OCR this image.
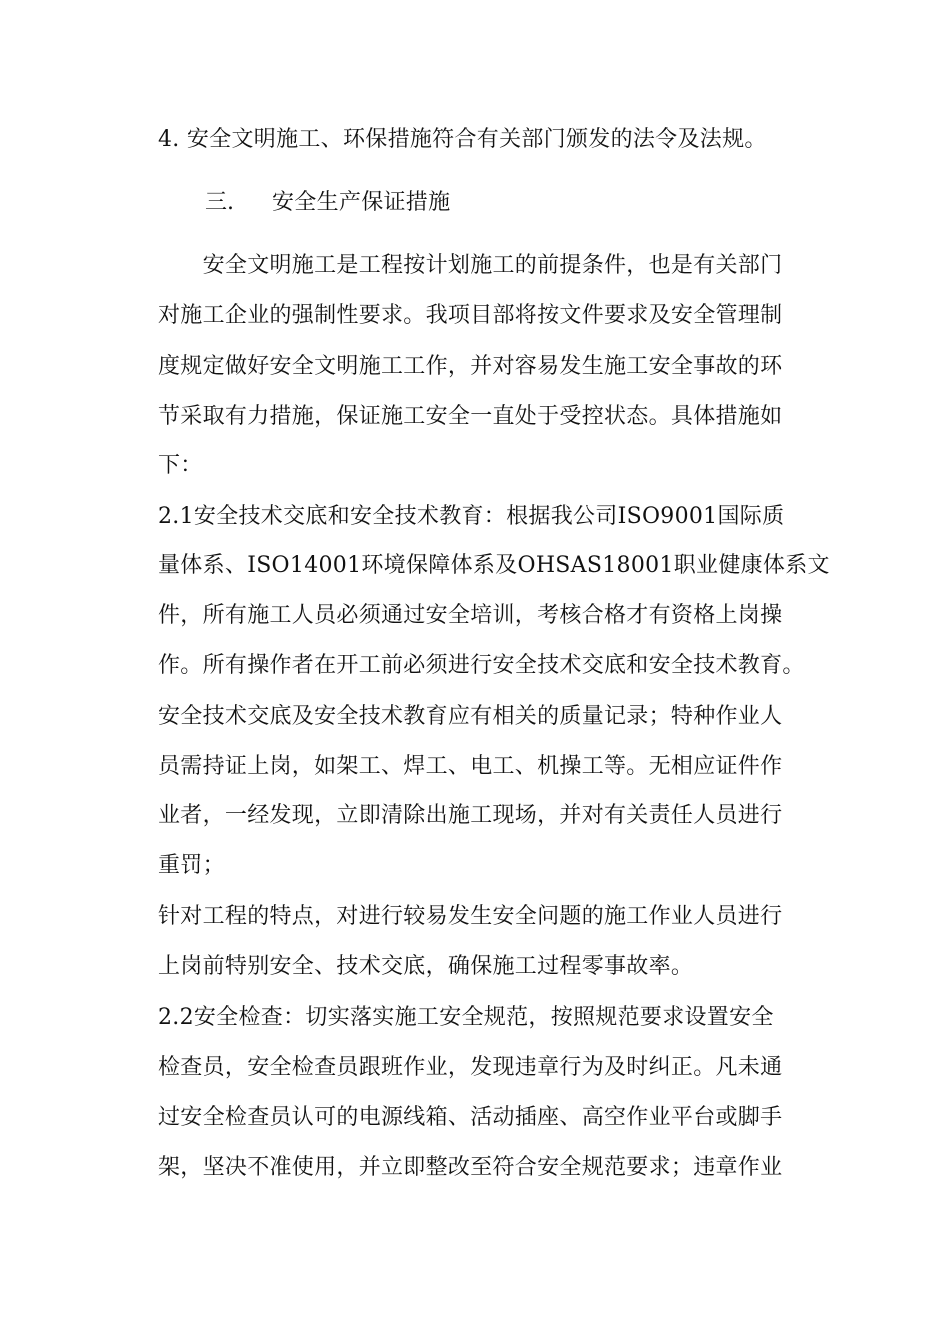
4. 安全文明施工、环保措施符合有关部门颁发的法令及法规。
三. 安全生产保证措施
　　安全文明施工是工程按计划施工的前提条件，也是有关部门
对施工企业的强制性要求。我项目部将按文件要求及安全管理制
度规定做好安全文明施工工作，并对容易发生施工安全事故的环
节采取有力措施，保证施工安全一直处于受控状态。具体措施如
下：
2.1安全技术交底和安全技术教育：根据我公司ISO9001国际质
量体系、ISO14001环境保障体系及OHSAS18001职业健康体系文
件，所有施工人员必须通过安全培训，考核合格才有资格上岗操
作。所有操作者在开工前必须进行安全技术交底和安全技术教育。
安全技术交底及安全技术教育应有相关的质量记录；特种作业人
员需持证上岗，如架工、焊工、电工、机操工等。无相应证件作
业者，一经发现，立即清除出施工现场，并对有关责任人员进行
重罚；
针对工程的特点，对进行较易发生安全问题的施工作业人员进行
上岗前特别安全、技术交底，确保施工过程零事故率。
2.2安全检查：切实落实施工安全规范，按照规范要求设置安全
检查员，安全检查员跟班作业，发现违章行为及时纠正。凡未通
过安全检查员认可的电源线箱、活动插座、高空作业平台或脚手
架，坚决不准使用，并立即整改至符合安全规范要求；违章作业
